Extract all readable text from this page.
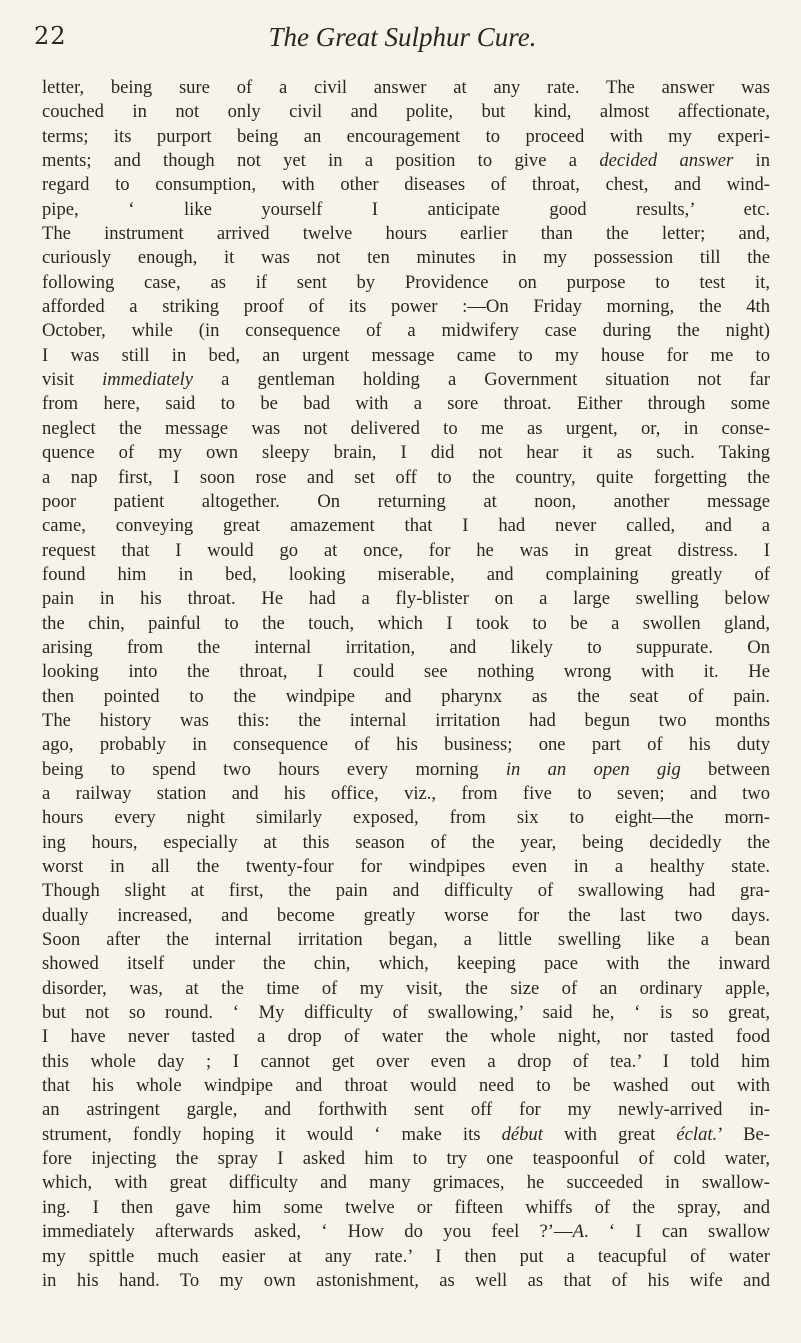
22	The Great Sulphur Cure.
letter, being sure of a civil answer at any rate. The answer was
couched in not only civil and polite, but kind, almost affectionate,
terms; its purport being an encouragement to proceed with my experi-
ments; and though not yet in a position to give a decided answer in
regard to consumption, with other diseases of throat, chest, and wind-
pipe, ‘ like yourself I anticipate good results,’ etc.
The instrument arrived twelve hours earlier than the letter; and,
curiously enough, it was not ten minutes in my possession till the
following case, as if sent by Providence on purpose to test it,
afforded a striking proof of its power :—On Friday morning, the 4th
October, while (in consequence of a midwifery case during the night)
I was still in bed, an urgent message came to my house for me to
visit immediately a gentleman holding a Government situation not far
from here, said to be bad with a sore throat. Either through some
neglect the message was not delivered to me as urgent, or, in conse-
quence of my own sleepy brain, I did not hear it as such. Taking
a nap first, I soon rose and set off to the country, quite forgetting the
poor patient altogether. On returning at noon, another message
came, conveying great amazement that I had never called, and a
request that I would go at once, for he was in great distress. I
found him in bed, looking miserable, and complaining greatly of
pain in his throat. He had a fly-blister on a large swelling below
the chin, painful to the touch, which I took to be a swollen gland,
arising from the internal irritation, and likely to suppurate. On
looking into the throat, I could see nothing wrong with it. He
then pointed to the windpipe and pharynx as the seat of pain.
The history was this: the internal irritation had begun two months
ago, probably in consequence of his business; one part of his duty
being to spend two hours every morning in an open gig between
a railway station and his office, viz., from five to seven; and two
hours every night similarly exposed, from six to eight—the morn-
ing hours, especially at this season of the year, being decidedly the
worst in all the twenty-four for windpipes even in a healthy state.
Though slight at first, the pain and difficulty of swallowing had gra-
dually increased, and become greatly worse for the last two days.
Soon after the internal irritation began, a little swelling like a bean
showed itself under the chin, which, keeping pace with the inward
disorder, was, at the time of my visit, the size of an ordinary apple,
but not so round. ‘ My difficulty of swallowing,’ said he, ‘ is so great,
I have never tasted a drop of water the whole night, nor tasted food
this whole day ; I cannot get over even a drop of tea.’ I told him
that his whole windpipe and throat would need to be washed out with
an astringent gargle, and forthwith sent off for my newly-arrived in-
strument, fondly hoping it would ‘ make its début with great éclat.’ Be-
fore injecting the spray I asked him to try one teaspoonful of cold water,
which, with great difficulty and many grimaces, he succeeded in swallow-
ing. I then gave him some twelve or fifteen whiffs of the spray, and
immediately afterwards asked, ‘ How do you feel ?’—A. ‘ I can swallow
my spittle much easier at any rate.’ I then put a teacupful of water
in his hand. To my own astonishment, as well as that of his wife and
